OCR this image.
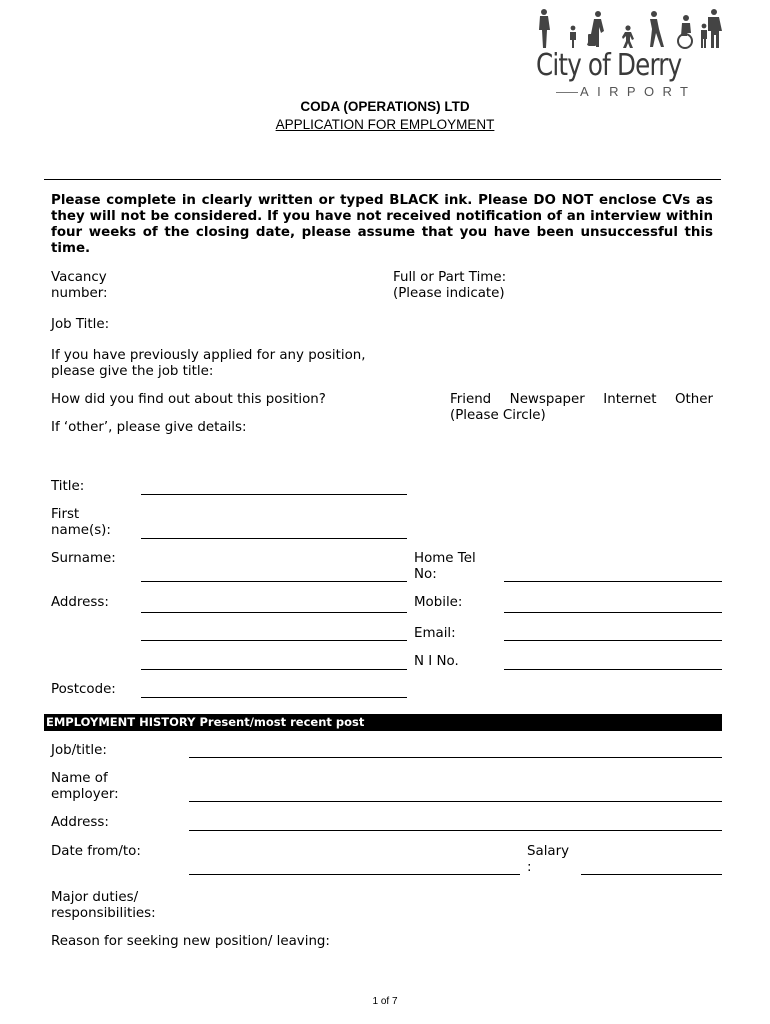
City of Derry
AIRPORT
CODA (OPERATIONS) LTD
APPLICATION FOR EMPLOYMENT
Please complete in clearly written or typed BLACK ink. Please DO NOT enclose CVs as they will not be considered. If you have not received notification of an interview within four weeks of the closing date, please assume that you have been unsuccessful this time.
Vacancy
number:
Full or Part Time:
(Please indicate)
Job Title:
If you have previously applied for any position,
please give the job title:
How did you find out about this position?	Friend Newspaper Internet Other
(Please Circle)
If ‘other’, please give details:
Title:
First
name(s):
Surname:	Home Tel
No:
Address:	Mobile:
Email:
N I No.
Postcode:
EMPLOYMENT HISTORY Present/most recent post
Job/title:
Name of
employer:
Address:
Date from/to:	Salary
:
Major duties/
responsibilities:
Reason for seeking new position/ leaving:
1 of 7
